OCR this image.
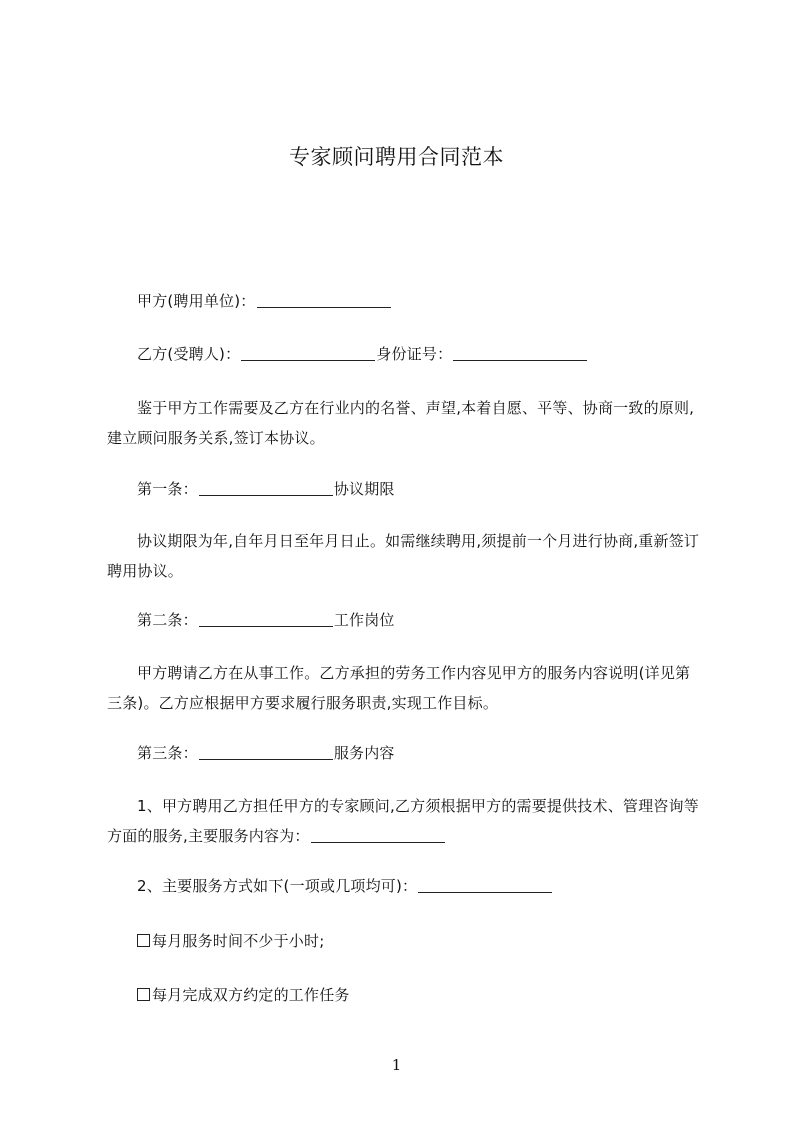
专家顾问聘用合同范本
甲方(聘用单位)：
乙方(受聘人)：	身份证号：
鉴于甲方工作需要及乙方在行业内的名誉、声望,本着自愿、平等、协商一致的原则,建立顾问服务关系,签订本协议。
第一条：	协议期限
协议期限为年,自年月日至年月日止。如需继续聘用,须提前一个月进行协商,重新签订聘用协议。
第二条：	工作岗位
甲方聘请乙方在从事工作。乙方承担的劳务工作内容见甲方的服务内容说明(详见第三条)。乙方应根据甲方要求履行服务职责,实现工作目标。
第三条：	服务内容
1、甲方聘用乙方担任甲方的专家顾问,乙方须根据甲方的需要提供技术、管理咨询等方面的服务,主要服务内容为：
2、主要服务方式如下(一项或几项均可)：
每月服务时间不少于小时;
每月完成双方约定的工作任务
1
